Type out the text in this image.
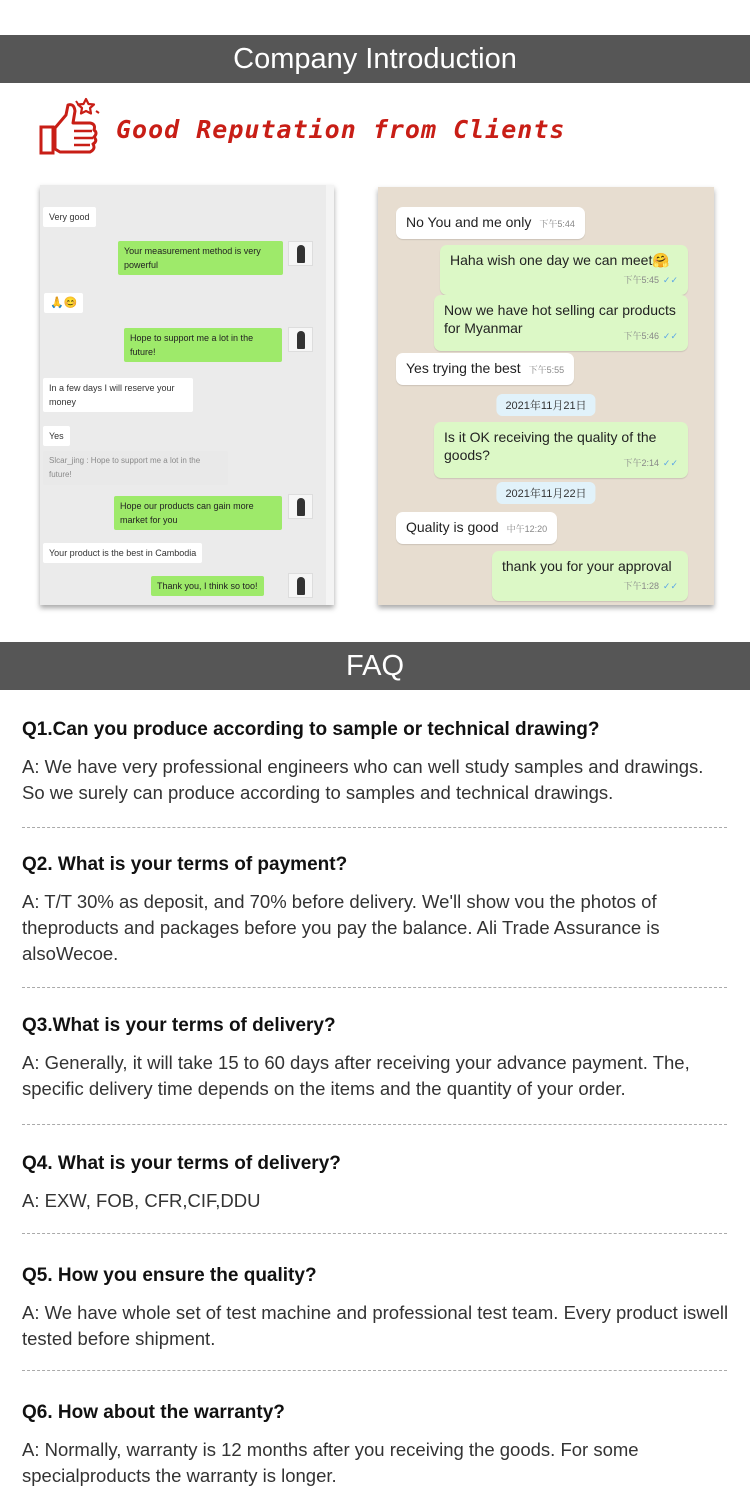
Company Introduction
Good Reputation from Clients
Very good
Your measurement method is very powerful
🙏😊
Hope to support me a lot in the future!
In a few days I will reserve your money
Yes
Slcar_jing : Hope to support me a lot in the future!
Hope our products can gain more market for you
Your product is the best in Cambodia
Thank you, I think so too!
No You and me only 下午5:44
Haha wish one day we can meet🤗
下午5:45 ✓✓
Now we have hot selling car products for Myanmar	下午5:46 ✓✓
Yes trying the best 下午5:55
2021年11月21日
Is it OK receiving the quality of the goods?	下午2:14 ✓✓
2021年11月22日
Quality is good 中午12:20
thank you for your approval
下午1:28 ✓✓
FAQ
Q1.Can you produce according to sample or technical drawing?
A: We have very professional engineers who can well study samples and drawings. So we surely can produce according to samples and technical drawings.
Q2. What is your terms of payment?
A: T/T 30% as deposit, and 70% before delivery. We'll show vou the photos of theproducts and packages before you pay the balance. Ali Trade Assurance is alsoWecoe.
Q3.What is your terms of delivery?
A: Generally, it will take 15 to 60 days after receiving your advance payment. The, specific delivery time depends on the items and the quantity of your order.
Q4. What is your terms of delivery?
A: EXW, FOB, CFR,CIF,DDU
Q5. How you ensure the quality?
A: We have whole set of test machine and professional test team. Every product iswell tested before shipment.
Q6. How about the warranty?
A: Normally, warranty is 12 months after you receiving the goods. For some specialproducts the warranty is longer.
